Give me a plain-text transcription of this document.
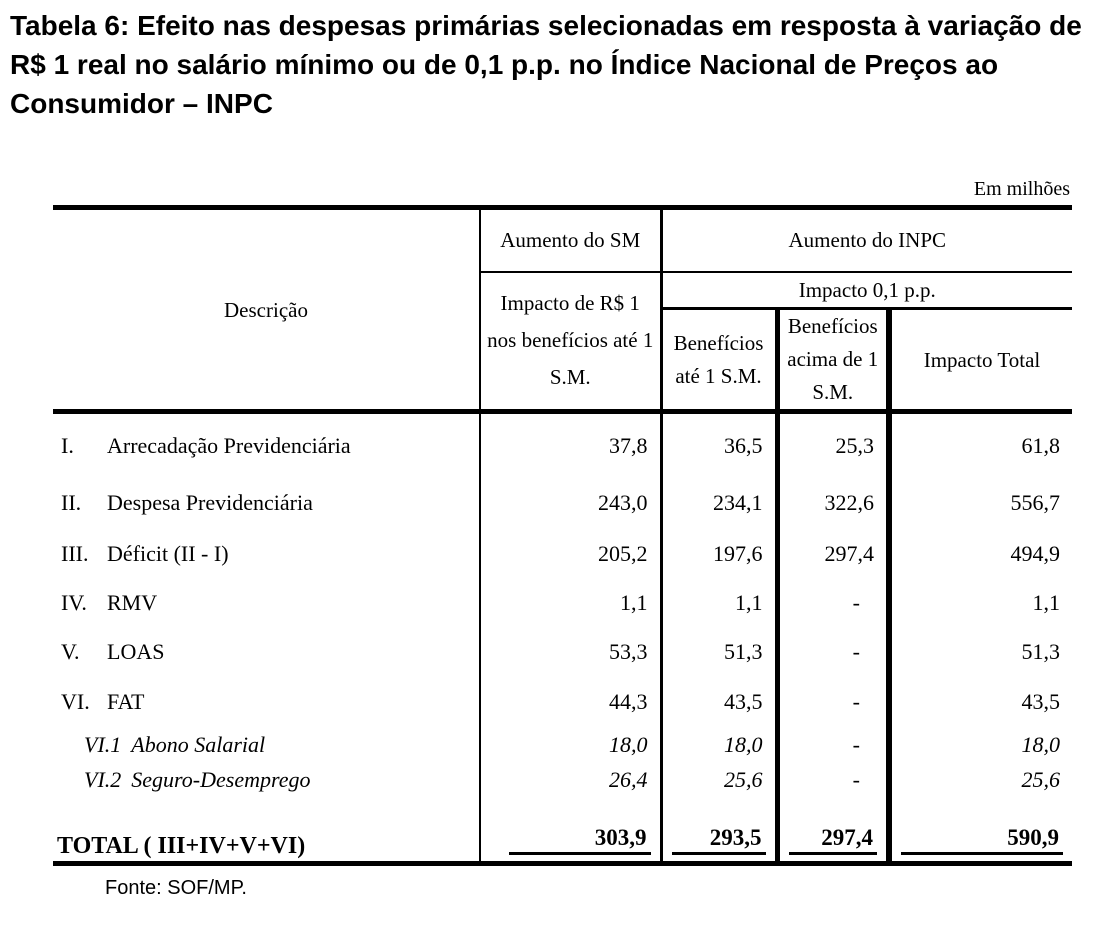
Tabela 6: Efeito nas despesas primárias selecionadas em resposta à variação de R$ 1 real no salário mínimo ou de 0,1 p.p. no Índice Nacional de Preços ao Consumidor – INPC
Em milhões
Descrição	Aumento do SM	Aumento do INPC		
	Impacto de R$ 1 nos benefícios até 1 S.M.	Impacto 0,1 p.p.		
		Benefícios até 1 S.M.	Benefícios acima de 1 S.M.	Impacto Total
I. Arrecadação Previdenciária	37,8	36,5	25,3	61,8
II. Despesa Previdenciária	243,0	234,1	322,6	556,7
III. Déficit (II - I)	205,2	197,6	297,4	494,9
IV. RMV	1,1	1,1	-	1,1
V. LOAS	53,3	51,3	-	51,3
VI. FAT	44,3	43,5	-	43,5
VI.1 Abono Salarial	18,0	18,0	-	18,0
VI.2 Seguro-Desemprego	26,4	25,6	-	25,6
TOTAL ( III+IV+V+VI)	303,9	293,5	297,4	590,9
Fonte: SOF/MP.
